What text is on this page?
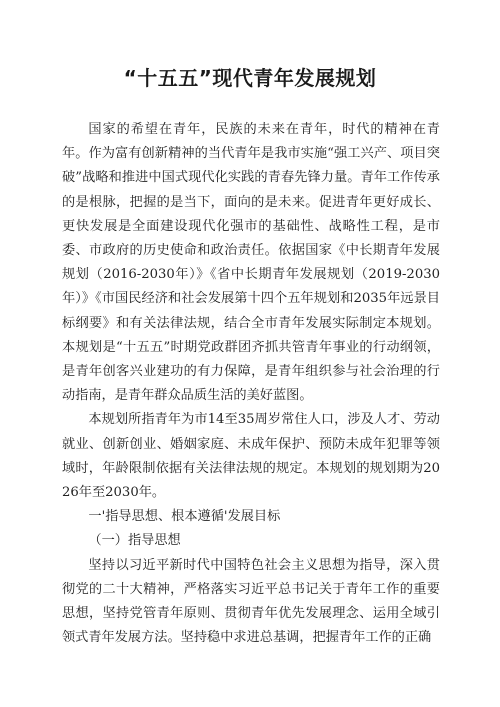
“十五五”现代青年发展规划

国家的希望在青年，民族的未来在青年，时代的精神在青年。作为富有创新精神的当代青年是我市实施“强工兴产、项目突破”战略和推进中国式现代化实践的青春先锋力量。青年工作传承的是根脉，把握的是当下，面向的是未来。促进青年更好成长、更快发展是全面建设现代化强市的基础性、战略性工程，是市委、市政府的历史使命和政治责任。依据国家《中长期青年发展规划（2016-2030年）》《省中长期青年发展规划（2019-2030年）》《市国民经济和社会发展第十四个五年规划和2035年远景目标纲要》和有关法律法规，结合全市青年发展实际制定本规划。本规划是“十五五”时期党政群团齐抓共管青年事业的行动纲领，是青年创客兴业建功的有力保障，是青年组织参与社会治理的行动指南，是青年群众品质生活的美好蓝图。

本规划所指青年为市14至35周岁常住人口，涉及人才、劳动就业、创新创业、婚姻家庭、未成年保护、预防未成年犯罪等领域时，年龄限制依据有关法律法规的规定。本规划的规划期为2026年至2030年。

一'指导思想、根本遵循'发展目标

（一）指导思想

坚持以习近平新时代中国特色社会主义思想为指导，深入贯彻党的二十大精神，严格落实习近平总书记关于青年工作的重要思想，坚持党管青年原则、贯彻青年优先发展理念、运用全域引领式青年发展方法。坚持稳中求进总基调，把握青年工作的正确
